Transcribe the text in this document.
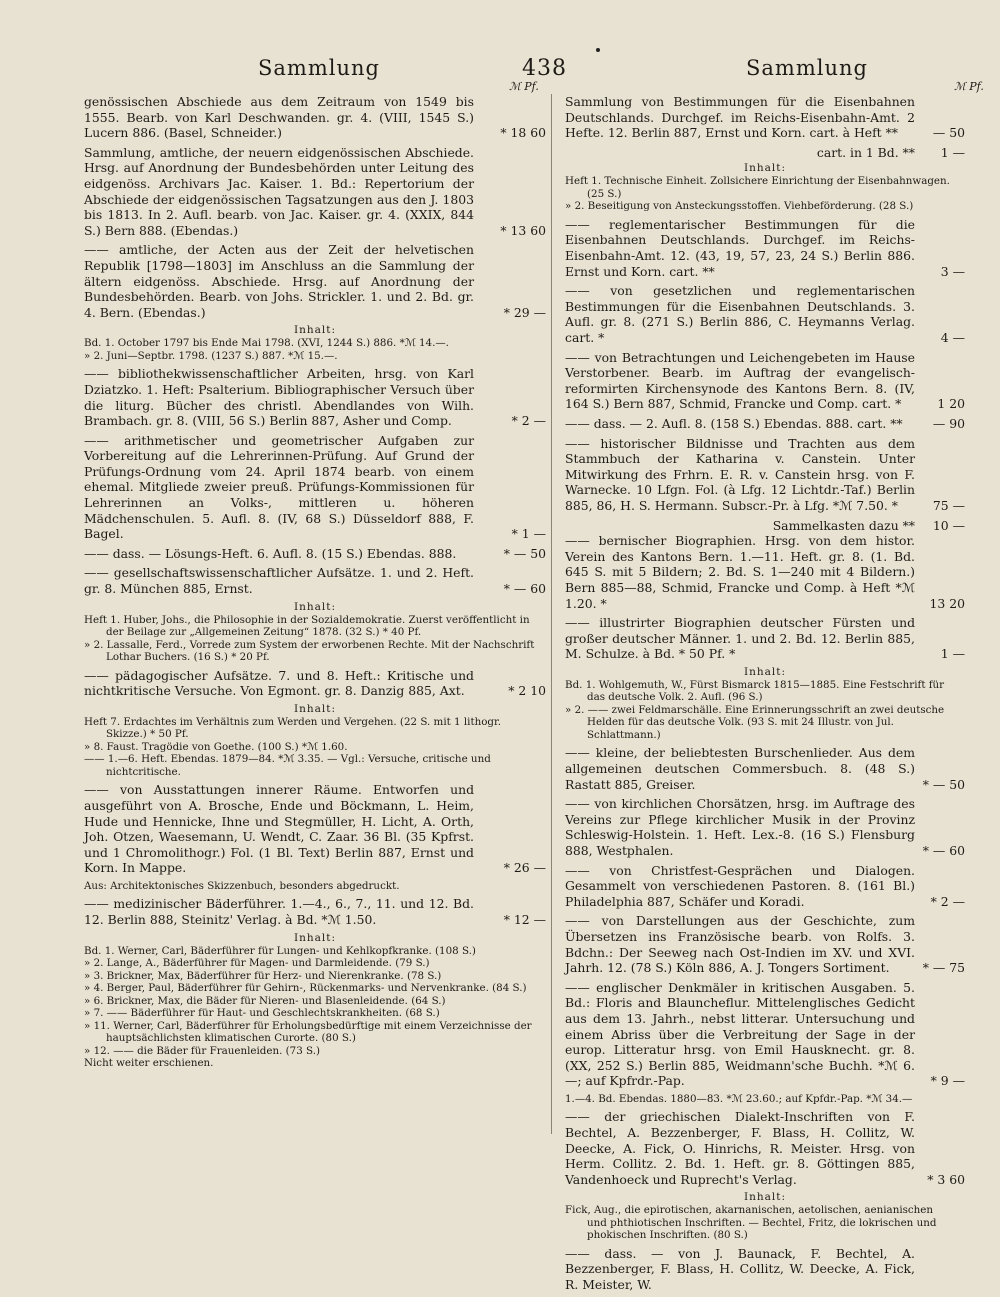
Sammlung	438	Sammlung
ℳ Pf.	ℳ Pf.
genössischen Abschiede aus dem Zeitraum von 1549 bis 1555. Bearb. von Karl Deschwanden. gr. 4. (VIII, 1545 S.) Lucern 886. (Basel, Schneider.)	* 18 60
Sammlung, amtliche, der neuern eidgenössischen Abschiede. Hrsg. auf Anordnung der Bundesbehörden unter Leitung des eidgenöss. Archivars Jac. Kaiser. 1. Bd.: Repertorium der Abschiede der eidgenössischen Tagsatzungen aus den J. 1803 bis 1813. In 2. Aufl. bearb. von Jac. Kaiser. gr. 4. (XXIX, 844 S.) Bern 888. (Ebendas.)	* 13 60
—— amtliche, der Acten aus der Zeit der helvetischen Republik [1798—1803] im Anschluss an die Sammlung der ältern eidgenöss. Abschiede. Hrsg. auf Anordnung der Bundesbehörden. Bearb. von Johs. Strickler. 1. und 2. Bd. gr. 4. Bern. (Ebendas.)	* 29 —
Inhalt:
Bd. 1. October 1797 bis Ende Mai 1798. (XVI, 1244 S.) 886. *ℳ 14.—.
» 2. Juni—Septbr. 1798. (1237 S.) 887. *ℳ 15.—.
—— bibliothekwissenschaftlicher Arbeiten, hrsg. von Karl Dziatzko. 1. Heft: Psalterium. Bibliographischer Versuch über die liturg. Bücher des christl. Abendlandes von Wilh. Brambach. gr. 8. (VIII, 56 S.) Berlin 887, Asher und Comp.	* 2 —
—— arithmetischer und geometrischer Aufgaben zur Vorbereitung auf die Lehrerinnen-Prüfung. Auf Grund der Prüfungs-Ordnung vom 24. April 1874 bearb. von einem ehemal. Mitgliede zweier preuß. Prüfungs-Kommissionen für Lehrerinnen an Volks-, mittleren u. höheren Mädchenschulen. 5. Aufl. 8. (IV, 68 S.) Düsseldorf 888, F. Bagel.	* 1 —
—— dass. — Lösungs-Heft. 6. Aufl. 8. (15 S.) Ebendas. 888.	* — 50
—— gesellschaftswissenschaftlicher Aufsätze. 1. und 2. Heft. gr. 8. München 885, Ernst.	* — 60
Inhalt:
Heft 1. Huber, Johs., die Philosophie in der Sozialdemokratie. Zuerst veröffentlicht in der Beilage zur „Allgemeinen Zeitung“ 1878. (32 S.) * 40 Pf.
» 2. Lassalle, Ferd., Vorrede zum System der erworbenen Rechte. Mit der Nachschrift Lothar Buchers. (16 S.) * 20 Pf.
—— pädagogischer Aufsätze. 7. und 8. Heft.: Kritische und nichtkritische Versuche. Von Egmont. gr. 8. Danzig 885, Axt.	* 2 10
Inhalt:
Heft 7. Erdachtes im Verhältnis zum Werden und Vergehen. (22 S. mit 1 lithogr. Skizze.) * 50 Pf.
» 8. Faust. Tragödie von Goethe. (100 S.) *ℳ 1.60.
—— 1.—6. Heft. Ebendas. 1879—84. *ℳ 3.35. — Vgl.: Versuche, critische und nichtcritische.
—— von Ausstattungen innerer Räume. Entworfen und ausgeführt von A. Brosche, Ende und Böckmann, L. Heim, Hude und Hennicke, Ihne und Stegmüller, H. Licht, A. Orth, Joh. Otzen, Waesemann, U. Wendt, C. Zaar. 36 Bl. (35 Kpfrst. und 1 Chromolithogr.) Fol. (1 Bl. Text) Berlin 887, Ernst und Korn. In Mappe.	* 26 —
Aus: Architektonisches Skizzenbuch, besonders abgedruckt.
—— medizinischer Bäderführer. 1.—4., 6., 7., 11. und 12. Bd. 12. Berlin 888, Steinitz' Verlag. à Bd. *ℳ 1.50.	* 12 —
Inhalt:
Bd. 1. Werner, Carl, Bäderführer für Lungen- und Kehlkopfkranke. (108 S.)
» 2. Lange, A., Bäderführer für Magen- und Darmleidende. (79 S.)
» 3. Brickner, Max, Bäderführer für Herz- und Nierenkranke. (78 S.)
» 4. Berger, Paul, Bäderführer für Gehirn-, Rückenmarks- und Nervenkranke. (84 S.)
» 6. Brickner, Max, die Bäder für Nieren- und Blasenleidende. (64 S.)
» 7. —— Bäderführer für Haut- und Geschlechtskrankheiten. (68 S.)
» 11. Werner, Carl, Bäderführer für Erholungsbedürftige mit einem Verzeichnisse der hauptsächlichsten klimatischen Curorte. (80 S.)
» 12. —— die Bäder für Frauenleiden. (73 S.)
Nicht weiter erschienen.
Sammlung von Bestimmungen für die Eisenbahnen Deutschlands. Durchgef. im Reichs-Eisenbahn-Amt. 2 Hefte. 12. Berlin 887, Ernst und Korn. cart. à Heft **	— 50
cart. in 1 Bd. ** 1 —
Inhalt:
Heft 1. Technische Einheit. Zollsichere Einrichtung der Eisenbahnwagen. (25 S.)
» 2. Beseitigung von Ansteckungsstoffen. Viehbeförderung. (28 S.)
—— reglementarischer Bestimmungen für die Eisenbahnen Deutschlands. Durchgef. im Reichs-Eisenbahn-Amt. 12. (43, 19, 57, 23, 24 S.) Berlin 886. Ernst und Korn. cart. **	3 —
—— von gesetzlichen und reglementarischen Bestimmungen für die Eisenbahnen Deutschlands. 3. Aufl. gr. 8. (271 S.) Berlin 886, C. Heymanns Verlag. cart. *	4 —
—— von Betrachtungen und Leichengebeten im Hause Verstorbener. Bearb. im Auftrag der evangelisch-reformirten Kirchensynode des Kantons Bern. 8. (IV, 164 S.) Bern 887, Schmid, Francke und Comp. cart. *	1 20
—— dass. — 2. Aufl. 8. (158 S.) Ebendas. 888. cart. ** — 90
—— historischer Bildnisse und Trachten aus dem Stammbuch der Katharina v. Canstein. Unter Mitwirkung des Frhrn. E. R. v. Canstein hrsg. von F. Warnecke. 10 Lfgn. Fol. (à Lfg. 12 Lichtdr.-Taf.) Berlin 885, 86, H. S. Hermann. Subscr.-Pr. à Lfg. *ℳ 7.50. *	75 —
Sammelkasten dazu ** 10 —
—— bernischer Biographien. Hrsg. von dem histor. Verein des Kantons Bern. 1.—11. Heft. gr. 8. (1. Bd. 645 S. mit 5 Bildern; 2. Bd. S. 1—240 mit 4 Bildern.) Bern 885—88, Schmid, Francke und Comp. à Heft *ℳ 1.20. *	13 20
—— illustrirter Biographien deutscher Fürsten und großer deutscher Männer. 1. und 2. Bd. 12. Berlin 885, M. Schulze. à Bd. * 50 Pf. *	1 —
Inhalt:
Bd. 1. Wohlgemuth, W., Fürst Bismarck 1815—1885. Eine Festschrift für das deutsche Volk. 2. Aufl. (96 S.)
» 2. —— zwei Feldmarschälle. Eine Erinnerungsschrift an zwei deutsche Helden für das deutsche Volk. (93 S. mit 24 Illustr. von Jul. Schlattmann.)
—— kleine, der beliebtesten Burschenlieder. Aus dem allgemeinen deutschen Commersbuch. 8. (48 S.) Rastatt 885, Greiser.	* — 50
—— von kirchlichen Chorsätzen, hrsg. im Auftrage des Vereins zur Pflege kirchlicher Musik in der Provinz Schleswig-Holstein. 1. Heft. Lex.-8. (16 S.) Flensburg 888, Westphalen.	* — 60
—— von Christfest-Gesprächen und Dialogen. Gesammelt von verschiedenen Pastoren. 8. (161 Bl.) Philadelphia 887, Schäfer und Koradi.	* 2 —
—— von Darstellungen aus der Geschichte, zum Übersetzen ins Französische bearb. von Rolfs. 3. Bdchn.: Der Seeweg nach Ost-Indien im XV. und XVI. Jahrh. 12. (78 S.) Köln 886, A. J. Tongers Sortiment.	* — 75
—— englischer Denkmäler in kritischen Ausgaben. 5. Bd.: Floris and Blauncheflur. Mittelenglisches Gedicht aus dem 13. Jahrh., nebst litterar. Untersuchung und einem Abriss über die Verbreitung der Sage in der europ. Litteratur hrsg. von Emil Hausknecht. gr. 8. (XX, 252 S.) Berlin 885, Weidmann'sche Buchh. *ℳ 6.—; auf Kpfrdr.-Pap.	* 9 —
1.—4. Bd. Ebendas. 1880—83. *ℳ 23.60.; auf Kpfdr.-Pap. *ℳ 34.—
—— der griechischen Dialekt-Inschriften von F. Bechtel, A. Bezzenberger, F. Blass, H. Collitz, W. Deecke, A. Fick, O. Hinrichs, R. Meister. Hrsg. von Herm. Collitz. 2. Bd. 1. Heft. gr. 8. Göttingen 885, Vandenhoeck und Ruprecht's Verlag.	* 3 60
Inhalt:
Fick, Aug., die epirotischen, akarnanischen, aetolischen, aenianischen und phthiotischen Inschriften. — Bechtel, Fritz, die lokrischen und phokischen Inschriften. (80 S.)
—— dass. — von J. Baunack, F. Bechtel, A. Bezzenberger, F. Blass, H. Collitz, W. Deecke, A. Fick, R. Meister, W.
